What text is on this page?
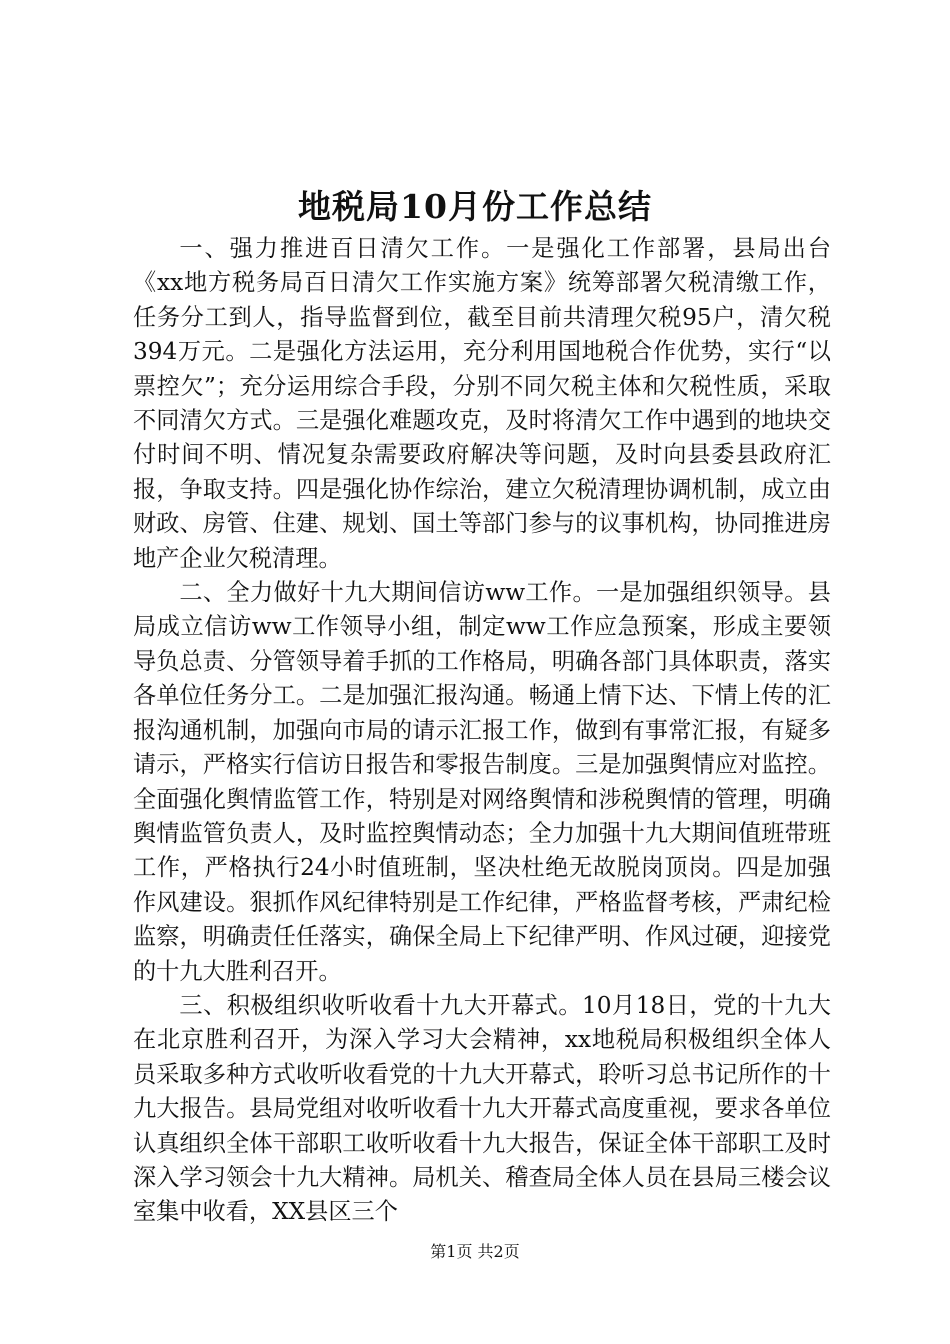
地税局10月份工作总结

一、强力推进百日清欠工作。一是强化工作部署，县局出台《xx地方税务局百日清欠工作实施方案》统筹部署欠税清缴工作，任务分工到人，指导监督到位，截至目前共清理欠税95户，清欠税394万元。二是强化方法运用，充分利用国地税合作优势，实行“以票控欠”；充分运用综合手段，分别不同欠税主体和欠税性质，采取不同清欠方式。三是强化难题攻克，及时将清欠工作中遇到的地块交付时间不明、情况复杂需要政府解决等问题，及时向县委县政府汇报，争取支持。四是强化协作综治，建立欠税清理协调机制，成立由财政、房管、住建、规划、国土等部门参与的议事机构，协同推进房地产企业欠税清理。

二、全力做好十九大期间信访ww工作。一是加强组织领导。县局成立信访ww工作领导小组，制定ww工作应急预案，形成主要领导负总责、分管领导着手抓的工作格局，明确各部门具体职责，落实各单位任务分工。二是加强汇报沟通。畅通上情下达、下情上传的汇报沟通机制，加强向市局的请示汇报工作，做到有事常汇报，有疑多请示，严格实行信访日报告和零报告制度。三是加强舆情应对监控。全面强化舆情监管工作，特别是对网络舆情和涉税舆情的管理，明确舆情监管负责人，及时监控舆情动态；全力加强十九大期间值班带班工作，严格执行24小时值班制，坚决杜绝无故脱岗顶岗。四是加强作风建设。狠抓作风纪律特别是工作纪律，严格监督考核，严肃纪检监察，明确责任任落实，确保全局上下纪律严明、作风过硬，迎接党的十九大胜利召开。

三、积极组织收听收看十九大开幕式。10月18日，党的十九大在北京胜利召开，为深入学习大会精神，xx地税局积极组织全体人员采取多种方式收听收看党的十九大开幕式，聆听习总书记所作的十九大报告。县局党组对收听收看十九大开幕式高度重视，要求各单位认真组织全体干部职工收听收看十九大报告，保证全体干部职工及时深入学习领会十九大精神。局机关、稽查局全体人员在县局三楼会议室集中收看，XX县区三个

第1页 共2页
